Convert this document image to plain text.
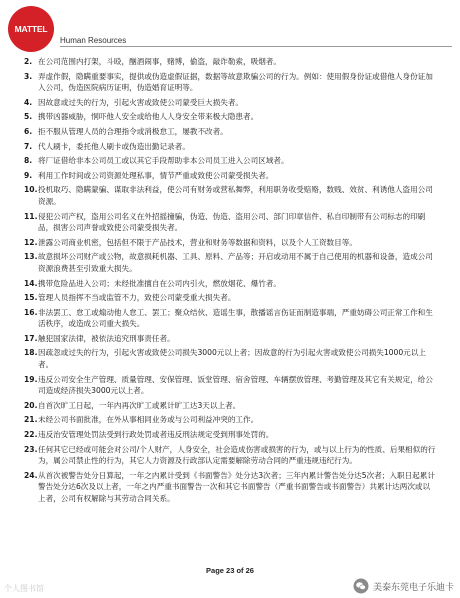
MATTEL
Human Resources
2. 在公司范围内打架，斗殴，酗酒闹事，赌博，偷盗，敲诈勒索，吸烟者。
3. 弄虚作假，隐瞒重要事实，提供或伪造虚假证据，数据等故意欺骗公司的行为。例如：使用假身份证或借他人身份证加入公司，伪造医院病历证明，伪造婚育证明等。
4. 因故意或过失的行为，引起火害或致使公司蒙受巨大损失者。
5. 携带凶器威胁，恫吓他人安全或给他人人身安全带来极大隐患者。
6. 拒不服从管理人员的合理指令或消极怠工，屡教不改者。
7. 代人刷卡，委托他人刷卡或伪造出勤记录者。
8. 将厂证借给非本公司员工或以其它手段帮助非本公司员工进入公司区域者。
9. 利用工作时间或公司资源处理私事，情节严重或致使公司蒙受损失者。
10. 投机取巧、隐瞒蒙骗、谋取非法利益，使公司有财务或营私舞弊，利用职务收受赔赂，数贱、效贫、利诱他人盗用公司资源。
11. 侵犯公司产权，盗用公司名义在外招摇撞骗，伪造、伪造、盗用公司、部门印章信件、私自印制带有公司标志的印刷品，损害公司声誉或致使公司蒙受损失者。
12. 泄露公司商业机密，包括但不限于产品技术，营业和财务等数据和资料，以及个人工资数目等。
13. 故意损坏公司财产或公物，故意损耗机器、工具、原料、产品等；开启或动用不属于自己使用的机器和设备，造成公司资源浪费甚至引致重大损失。
14. 携带危险品进入公司；未经批准擅自在公司内引火，燃放烟花、爆竹者。
15. 管理人员指挥不当或监管不力，致使公司蒙受重大损失者。
16. 非法罢工、怠工或煽动他人怠工、罢工；聚众结伙、造谣生事，散播谣言伤证而制造事端，严重妨碍公司正常工作和生活秩序，或造成公司重大损失。
17. 触犯国家法律，被依法追究刑事责任者。
18. 因疏忽或过失的行为，引起火害或致使公司损失3000元以上者；因故意的行为引起火害或致使公司损失1000元以上者。
19. 违反公司安全生产管理、质量管理、安保管理、饭堂管理、宿舍管理、车辆摆放管理、考勤管理及其它有关规定，给公司造成经济损失3000元以上者。
20. 自首次旷工日起，一年内再次旷工或累计旷工达3天以上者。
21. 未经公司书面批准，在外从事相同业务或与公司利益冲突的工作。
22. 违反治安管理处罚法受到行政处罚或者违反刑法规定受到刑事处罚的。
23. 任何其它已经或可能会对公司/个人财产，人身安全，社会造成伤害或损害的行为，或与以上行为的性质、后果相似的行为，属公司禁止性的行为，其它人力资源及行政部认定需要解除劳动合同的严重违规违纪行为。
24. 从首次被警告处分日算起，一年之内累计受到《书面警告》处分达3次者；三年内累计警告处分达5次者；入职日起累计警告处分达6次及以上者，一年之内严重书面警告一次和其它书面警告（严重书面警告或书面警告）共累计达两次或以上者，公司有权解除与其劳动合同关系。
Page 23 of 26
个人图书馆	美泰东莞电子乐迪卡
